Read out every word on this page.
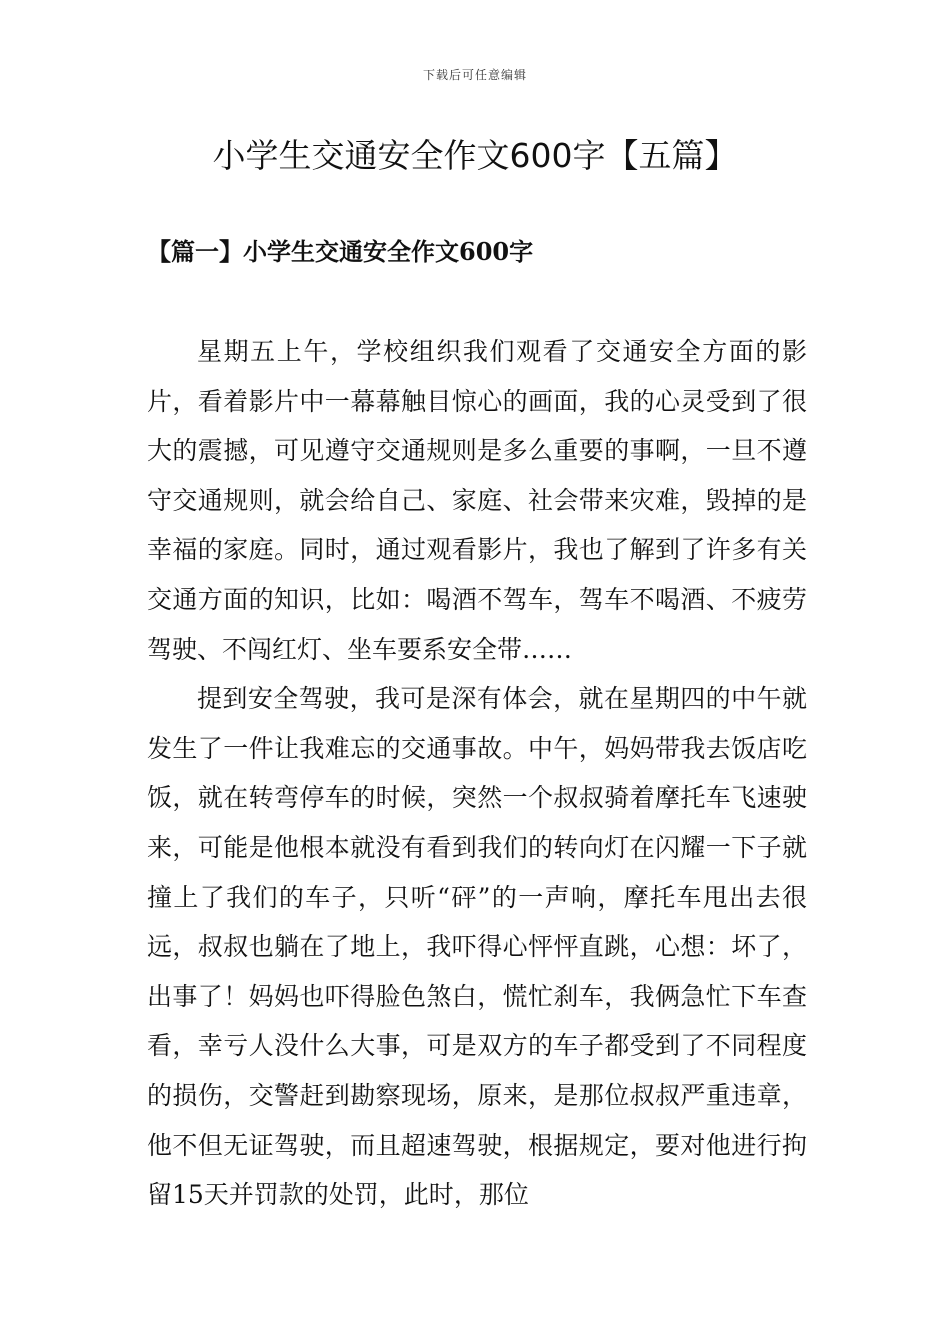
下载后可任意编辑
小学生交通安全作文600字【五篇】
【篇一】小学生交通安全作文600字

星期五上午，学校组织我们观看了交通安全方面的影片，看着影片中一幕幕触目惊心的画面，我的心灵受到了很大的震撼，可见遵守交通规则是多么重要的事啊，一旦不遵守交通规则，就会给自己、家庭、社会带来灾难，毁掉的是幸福的家庭。同时，通过观看影片，我也了解到了许多有关交通方面的知识，比如：喝酒不驾车，驾车不喝酒、不疲劳驾驶、不闯红灯、坐车要系安全带……

提到安全驾驶，我可是深有体会，就在星期四的中午就发生了一件让我难忘的交通事故。中午，妈妈带我去饭店吃饭，就在转弯停车的时候，突然一个叔叔骑着摩托车飞速驶来，可能是他根本就没有看到我们的转向灯在闪耀一下子就撞上了我们的车子，只听“砰”的一声响，摩托车甩出去很远，叔叔也躺在了地上，我吓得心怦怦直跳，心想：坏了，出事了！妈妈也吓得脸色煞白，慌忙刹车，我俩急忙下车查看，幸亏人没什么大事，可是双方的车子都受到了不同程度的损伤，交警赶到勘察现场，原来，是那位叔叔严重违章，他不但无证驾驶，而且超速驾驶，根据规定，要对他进行拘留15天并罚款的处罚，此时，那位
